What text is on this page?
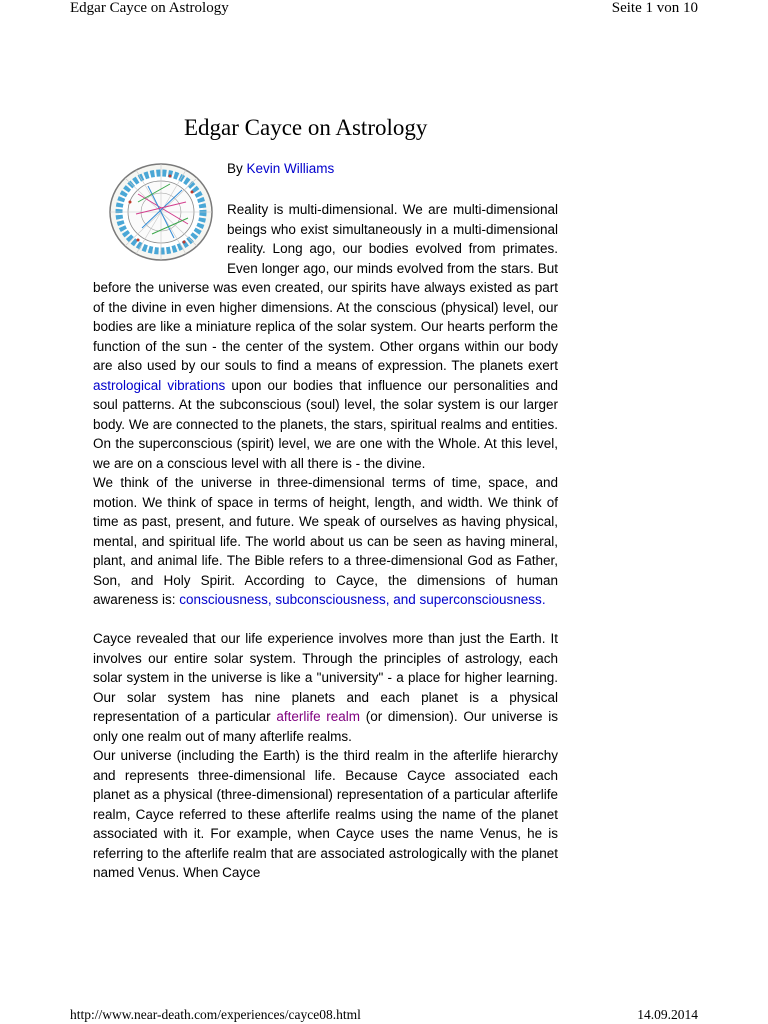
Edgar Cayce on Astrology	Seite 1 von 10
Edgar Cayce on Astrology
By Kevin Williams

Reality is multi-dimensional. We are multi-dimensional beings who exist simultaneously in a multi-dimensional reality. Long ago, our bodies evolved from primates. Even longer ago, our minds evolved from the stars. But before the universe was even created, our spirits have always existed as part of the divine in even higher dimensions. At the conscious (physical) level, our bodies are like a miniature replica of the solar system. Our hearts perform the function of the sun - the center of the system. Other organs within our body are also used by our souls to find a means of expression. The planets exert astrological vibrations upon our bodies that influence our personalities and soul patterns. At the subconscious (soul) level, the solar system is our larger body. We are connected to the planets, the stars, spiritual realms and entities. On the superconscious (spirit) level, we are one with the Whole. At this level, we are on a conscious level with all there is - the divine.

We think of the universe in three-dimensional terms of time, space, and motion. We think of space in terms of height, length, and width. We think of time as past, present, and future. We speak of ourselves as having physical, mental, and spiritual life. The world about us can be seen as having mineral, plant, and animal life. The Bible refers to a three-dimensional God as Father, Son, and Holy Spirit. According to Cayce, the dimensions of human awareness is: consciousness, subconsciousness, and superconsciousness.

Cayce revealed that our life experience involves more than just the Earth. It involves our entire solar system. Through the principles of astrology, each solar system in the universe is like a "university" - a place for higher learning. Our solar system has nine planets and each planet is a physical representation of a particular afterlife realm (or dimension). Our universe is only one realm out of many afterlife realms.

Our universe (including the Earth) is the third realm in the afterlife hierarchy and represents three-dimensional life. Because Cayce associated each planet as a physical (three-dimensional) representation of a particular afterlife realm, Cayce referred to these afterlife realms using the name of the planet associated with it. For example, when Cayce uses the name Venus, he is referring to the afterlife realm that are associated astrologically with the planet named Venus. When Cayce

http://www.near-death.com/experiences/cayce08.html	14.09.2014
